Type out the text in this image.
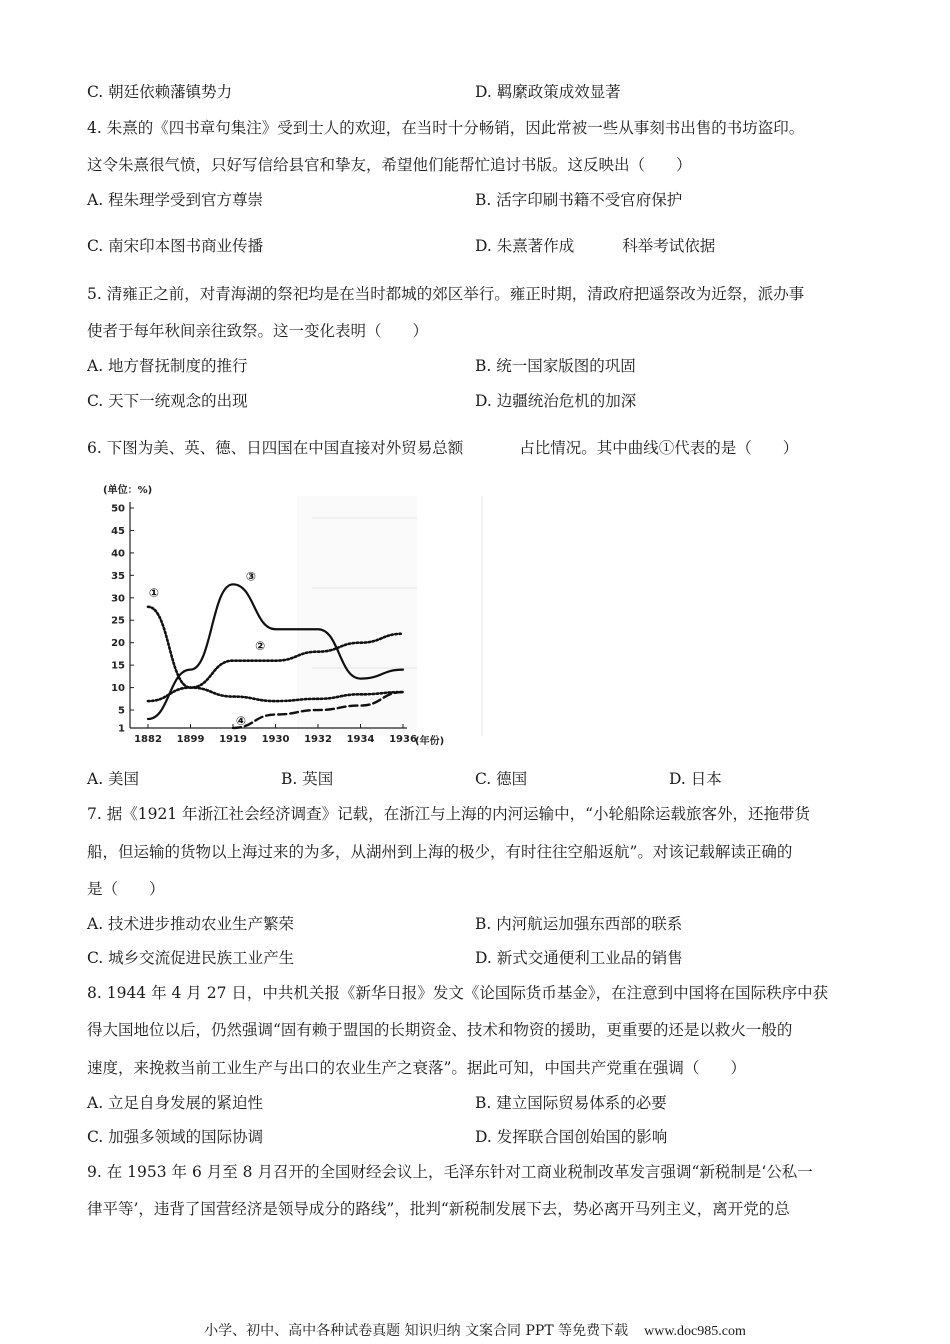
C. 朝廷依赖藩镇势力	D. 羁縻政策成效显著
4. 朱熹的《四书章句集注》受到士人的欢迎，在当时十分畅销，因此常被一些从事刻书出售的书坊盗印。
这令朱熹很气愤，只好写信给县官和挚友，希望他们能帮忙追讨书版。这反映出（　　）
A. 程朱理学受到官方尊崇	B. 活字印刷书籍不受官府保护
C. 南宋印本图书商业传播	D. 朱熹著作成	科举考试依据
5. 清雍正之前，对青海湖的祭祀均是在当时都城的郊区举行。雍正时期，清政府把遥祭改为近祭，派办事
使者于每年秋间亲往致祭。这一变化表明（　　）
A. 地方督抚制度的推行	B. 统一国家版图的巩固
C. 天下一统观念的出现	D. 边疆统治危机的加深
6. 下图为美、英、德、日四国在中国直接对外贸易总额	占比情况。其中曲线①代表的是（　　）
50
45
40
35
30
25
20
15
10
5
1
1882 1899 1919 1930 1932 1934 1936
①
②
③
④
(单位：%)
(年份)
A. 美国	B. 英国	C. 德国	D. 日本
7. 据《1921 年浙江社会经济调查》记载，在浙江与上海的内河运输中，“小轮船除运载旅客外，还拖带货
船，但运输的货物以上海过来的为多，从湖州到上海的极少，有时往往空船返航”。对该记载解读正确的
是（　　）
A. 技术进步推动农业生产繁荣	B. 内河航运加强东西部的联系
C. 城乡交流促进民族工业产生	D. 新式交通便利工业品的销售
8. 1944 年 4 月 27 日，中共机关报《新华日报》发文《论国际货币基金》，在注意到中国将在国际秩序中获
得大国地位以后，仍然强调“固有赖于盟国的长期资金、技术和物资的援助，更重要的还是以救火一般的
速度，来挽救当前工业生产与出口的农业生产之衰落”。据此可知，中国共产党重在强调（　　）
A. 立足自身发展的紧迫性	B. 建立国际贸易体系的必要
C. 加强多领域的国际协调	D. 发挥联合国创始国的影响
9. 在 1953 年 6 月至 8 月召开的全国财经会议上，毛泽东针对工商业税制改革发言强调“新税制是‘公私一
律平等’，违背了国营经济是领导成分的路线”，批判“新税制发展下去，势必离开马列主义，离开党的总
小学、初中、高中各种试卷真题 知识归纳 文案合同 PPT 等免费下载 www.doc985.com
